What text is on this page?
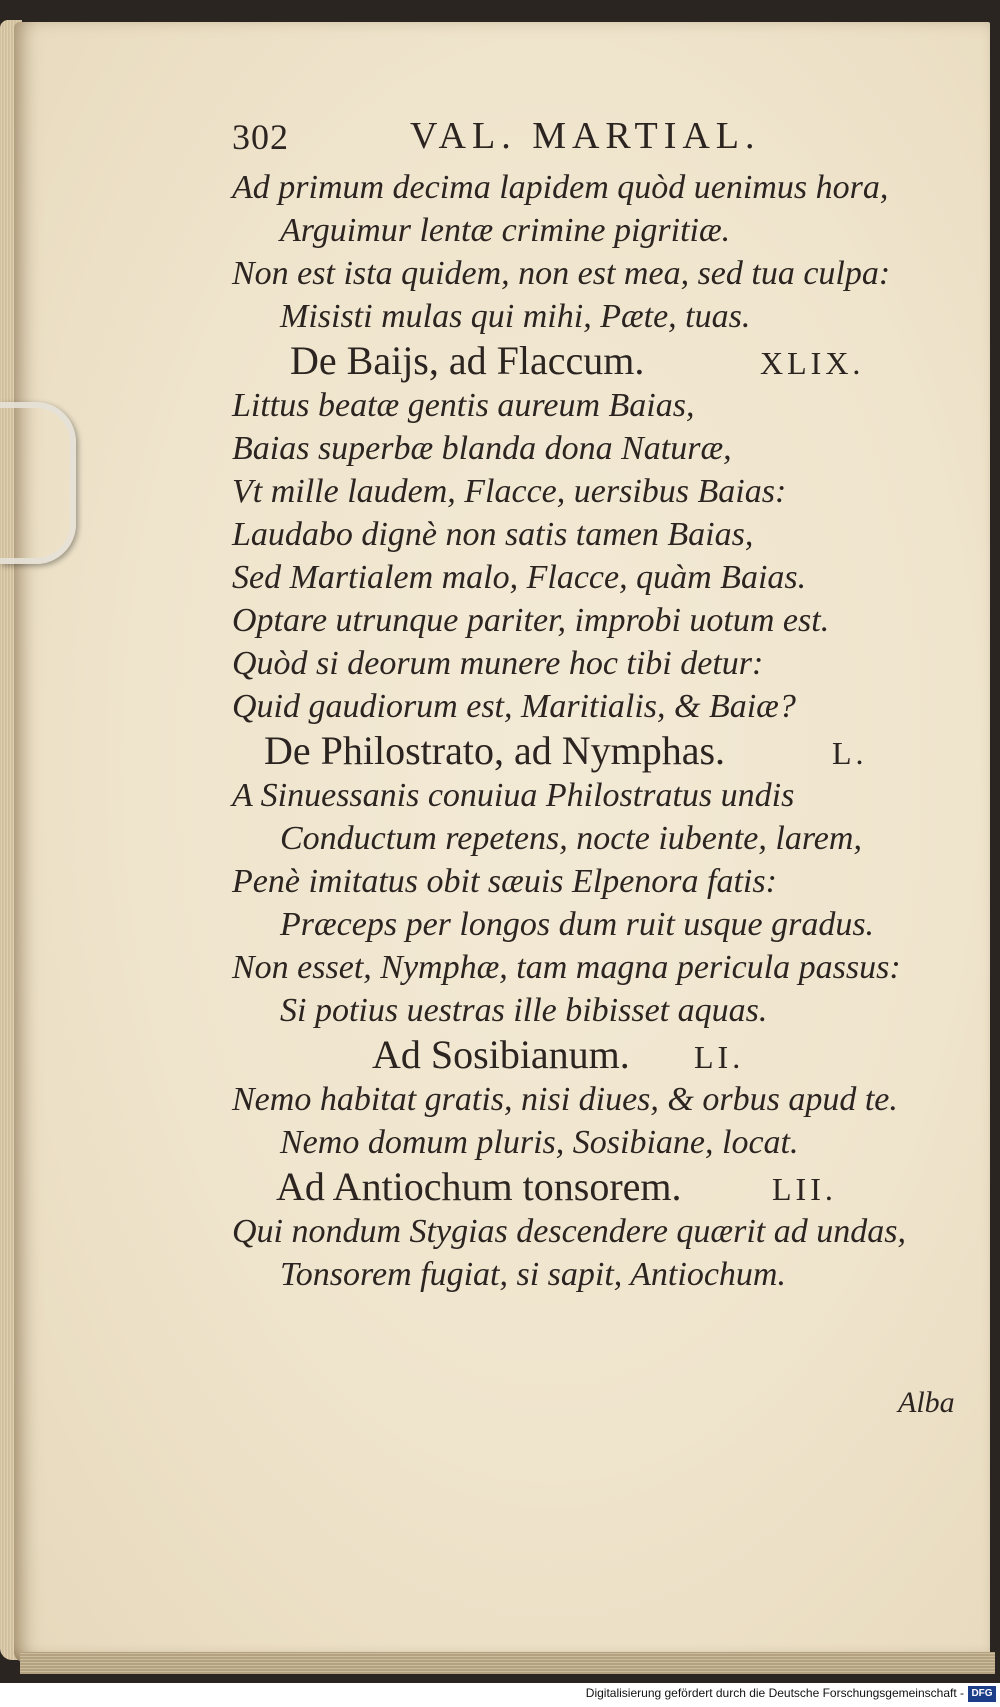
302	VAL. MARTIAL.
Ad primum decima lapidem quòd uenimus hora,
Arguimur lentæ crimine pigritiæ.
Non est ista quidem, non est mea, sed tua culpa:
Misisti mulas qui mihi, Pæte, tuas.
De Baijs, ad Flaccum.	XLIX.
Littus beatæ gentis aureum Baias,
Baias superbæ blanda dona Naturæ,
Vt mille laudem, Flacce, uersibus Baias:
Laudabo dignè non satis tamen Baias,
Sed Martialem malo, Flacce, quàm Baias.
Optare utrunque pariter, improbi uotum est.
Quòd si deorum munere hoc tibi detur:
Quid gaudiorum est, Maritialis, & Baiæ?
De Philostrato, ad Nymphas.	L.
A Sinuessanis conuiua Philostratus undis
Conductum repetens, nocte iubente, larem,
Penè imitatus obit sæuis Elpenora fatis:
Præceps per longos dum ruit usque gradus.
Non esset, Nymphæ, tam magna pericula passus:
Si potius uestras ille bibisset aquas.
Ad Sosibianum. LI.
Nemo habitat gratis, nisi diues, & orbus apud te.
Nemo domum pluris, Sosibiane, locat.
Ad Antiochum tonsorem.	LII.
Qui nondum Stygias descendere quærit ad undas,
Tonsorem fugiat, si sapit, Antiochum.
Alba
Digitalisierung gefördert durch die Deutsche Forschungsgemeinschaft - DFG
